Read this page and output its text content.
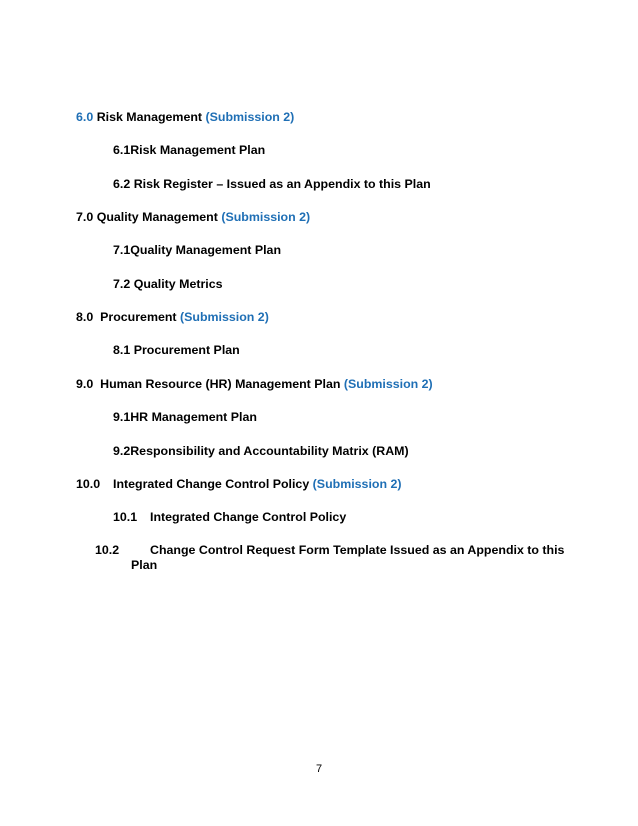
6.0 Risk Management (Submission 2)
6.1Risk Management Plan
6.2 Risk Register – Issued as an Appendix to this Plan
7.0 Quality Management (Submission 2)
7.1Quality Management Plan
7.2 Quality Metrics
8.0 Procurement (Submission 2)
8.1 Procurement Plan
9.0 Human Resource (HR) Management Plan (Submission 2)
9.1HR Management Plan
9.2Responsibility and Accountability Matrix (RAM)
10.0 Integrated Change Control Policy (Submission 2)
10.1 Integrated Change Control Policy
10.2 Change Control Request Form Template Issued as an Appendix to this Plan
7
